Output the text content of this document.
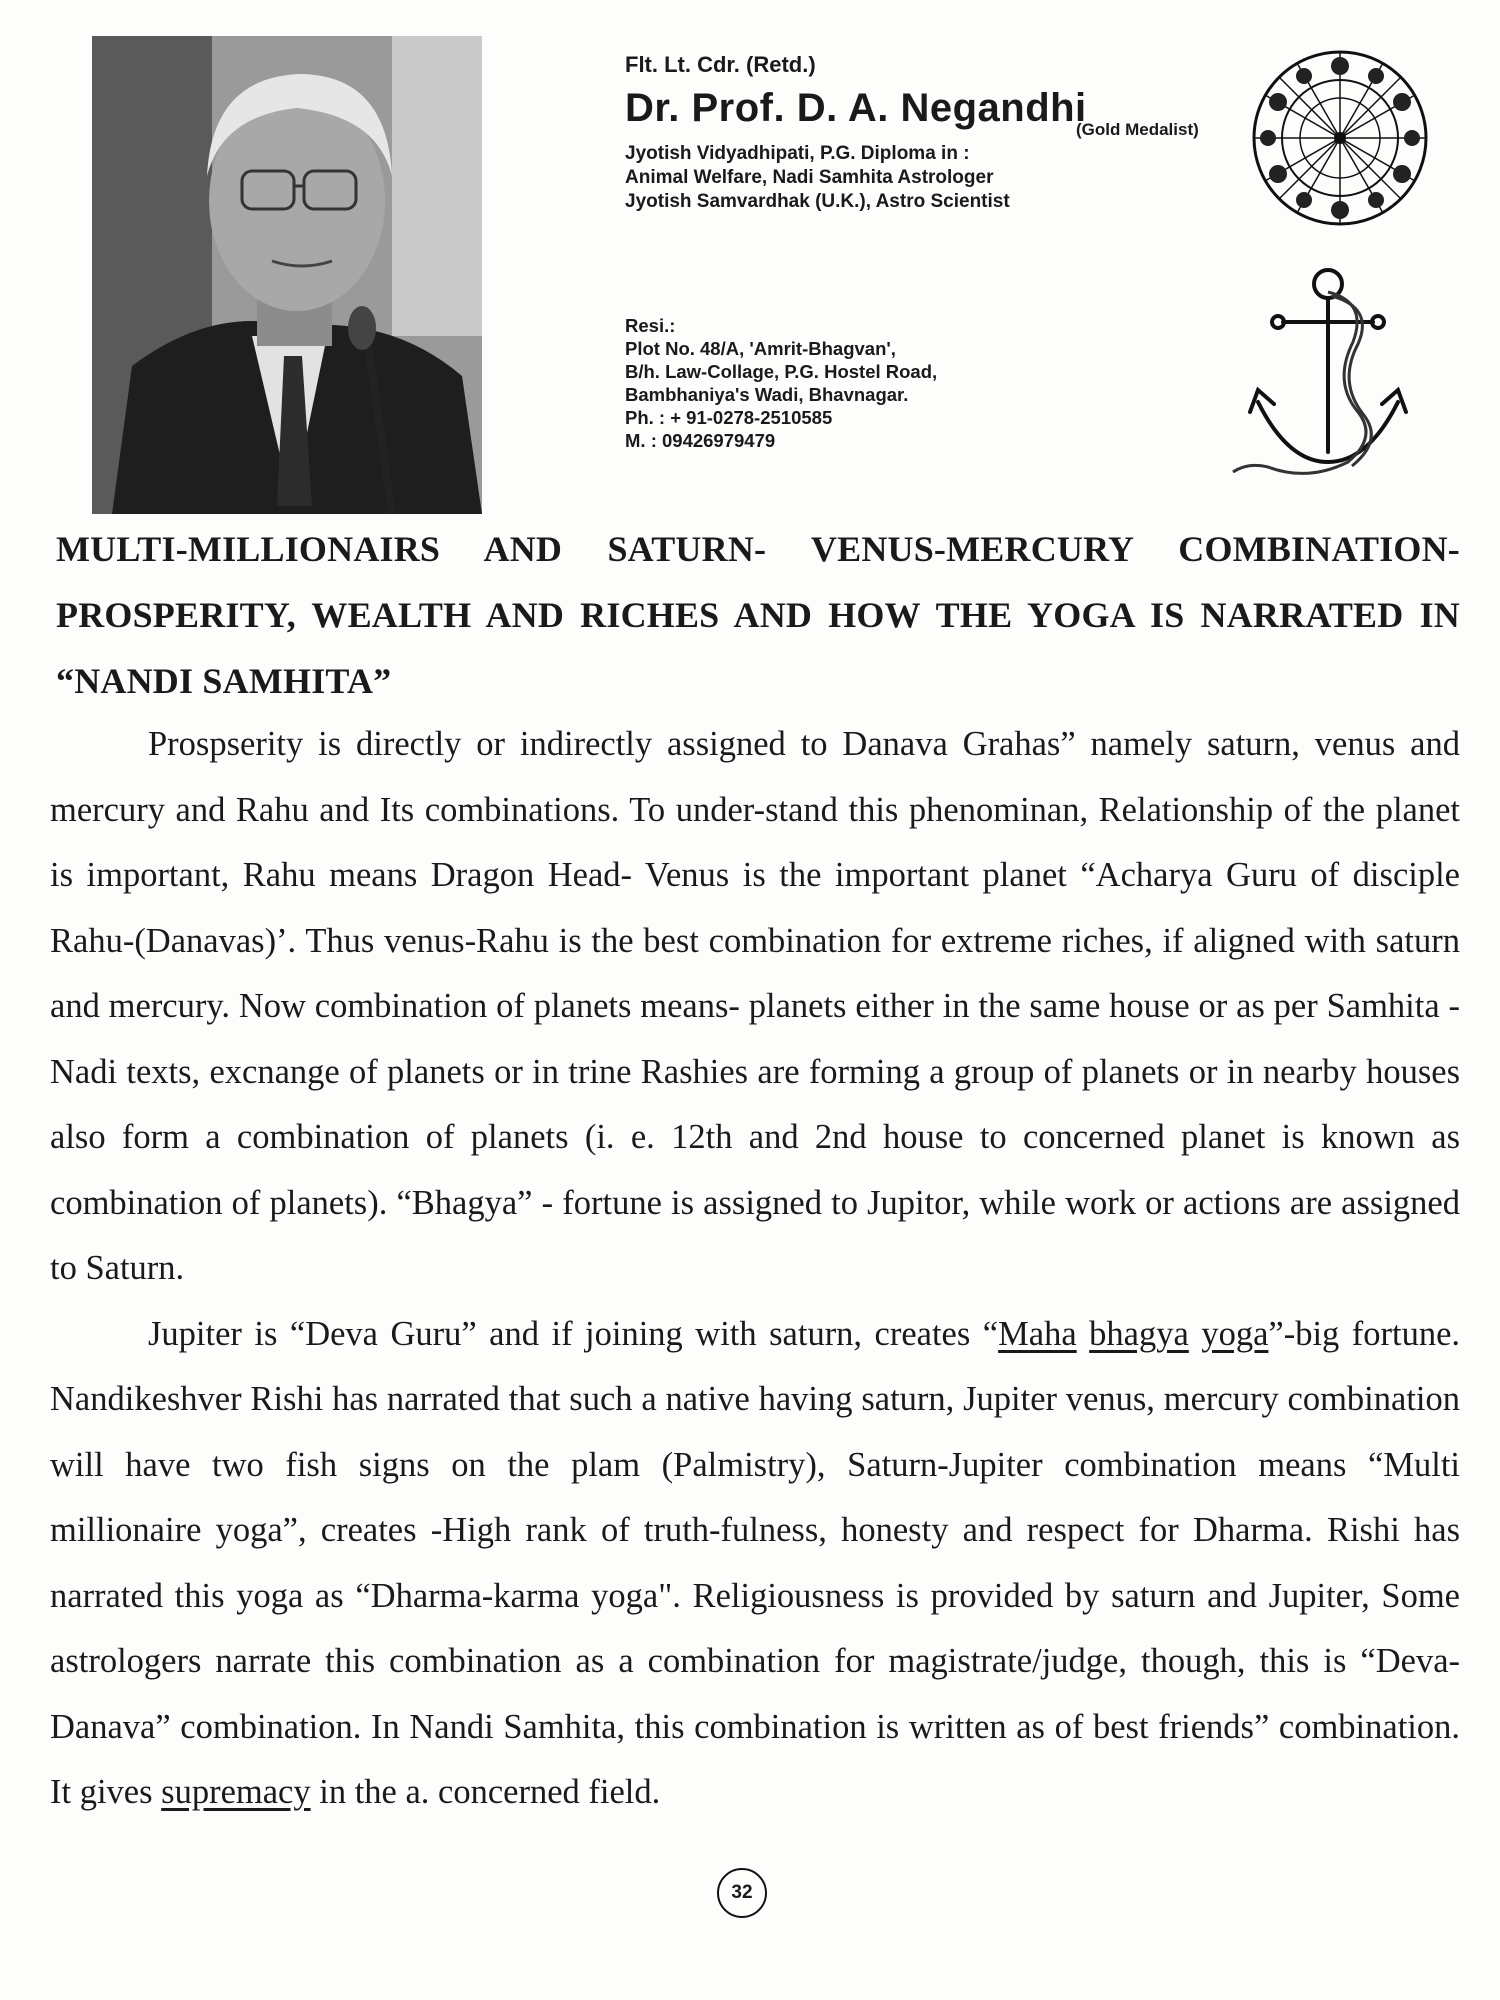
Flt. Lt. Cdr. (Retd.)
Dr. Prof. D. A. Negandhi
(Gold Medalist)
Jyotish Vidyadhipati, P.G. Diploma in :
Animal Welfare, Nadi Samhita Astrologer
Jyotish Samvardhak (U.K.), Astro Scientist
Resi.:
Plot No. 48/A, 'Amrit-Bhagvan',
B/h. Law-Collage, P.G. Hostel Road,
Bambhaniya's Wadi, Bhavnagar.
Ph. : + 91-0278-2510585
M. : 09426979479
MULTI-MILLIONAIRS AND SATURN- VENUS-MERCURY COMBINATION- PROSPERITY, WEALTH AND RICHES AND HOW THE YOGA IS NARRATED IN “NANDI SAMHITA”

Prospserity is directly or indirectly assigned to Danava Grahas” namely saturn, venus and mercury and Rahu and Its combinations. To under-stand this phenominan, Relationship of the planet is important, Rahu means Dragon Head- Venus is the important planet “Acharya Guru of disciple Rahu-(Danavas)’. Thus venus-Rahu is the best combination for extreme riches, if aligned with saturn and mercury. Now combination of planets means- planets either in the same house or as per Samhita - Nadi texts, excnange of planets or in trine Rashies are forming a group of planets or in nearby houses also form a combination of planets (i. e. 12th and 2nd house to concerned planet is known as combination of planets). “Bhagya” - fortune is assigned to Jupitor, while work or actions are assigned to Saturn.

Jupiter is “Deva Guru” and if joining with saturn, creates “Maha bhagya yoga”-big fortune. Nandikeshver Rishi has narrated that such a native having saturn, Jupiter venus, mercury combination will have two fish signs on the plam (Palmistry), Saturn-Jupiter combination means “Multi millionaire yoga”, creates -High rank of truth-fulness, honesty and respect for Dharma. Rishi has narrated this yoga as “Dharma-karma yoga". Religiousness is provided by saturn and Jupiter, Some astrologers narrate this combination as a combination for magistrate/judge, though, this is “Deva-Danava” combination. In Nandi Samhita, this combination is written as of best friends” combination. It gives supremacy in the a. concerned field.

32
